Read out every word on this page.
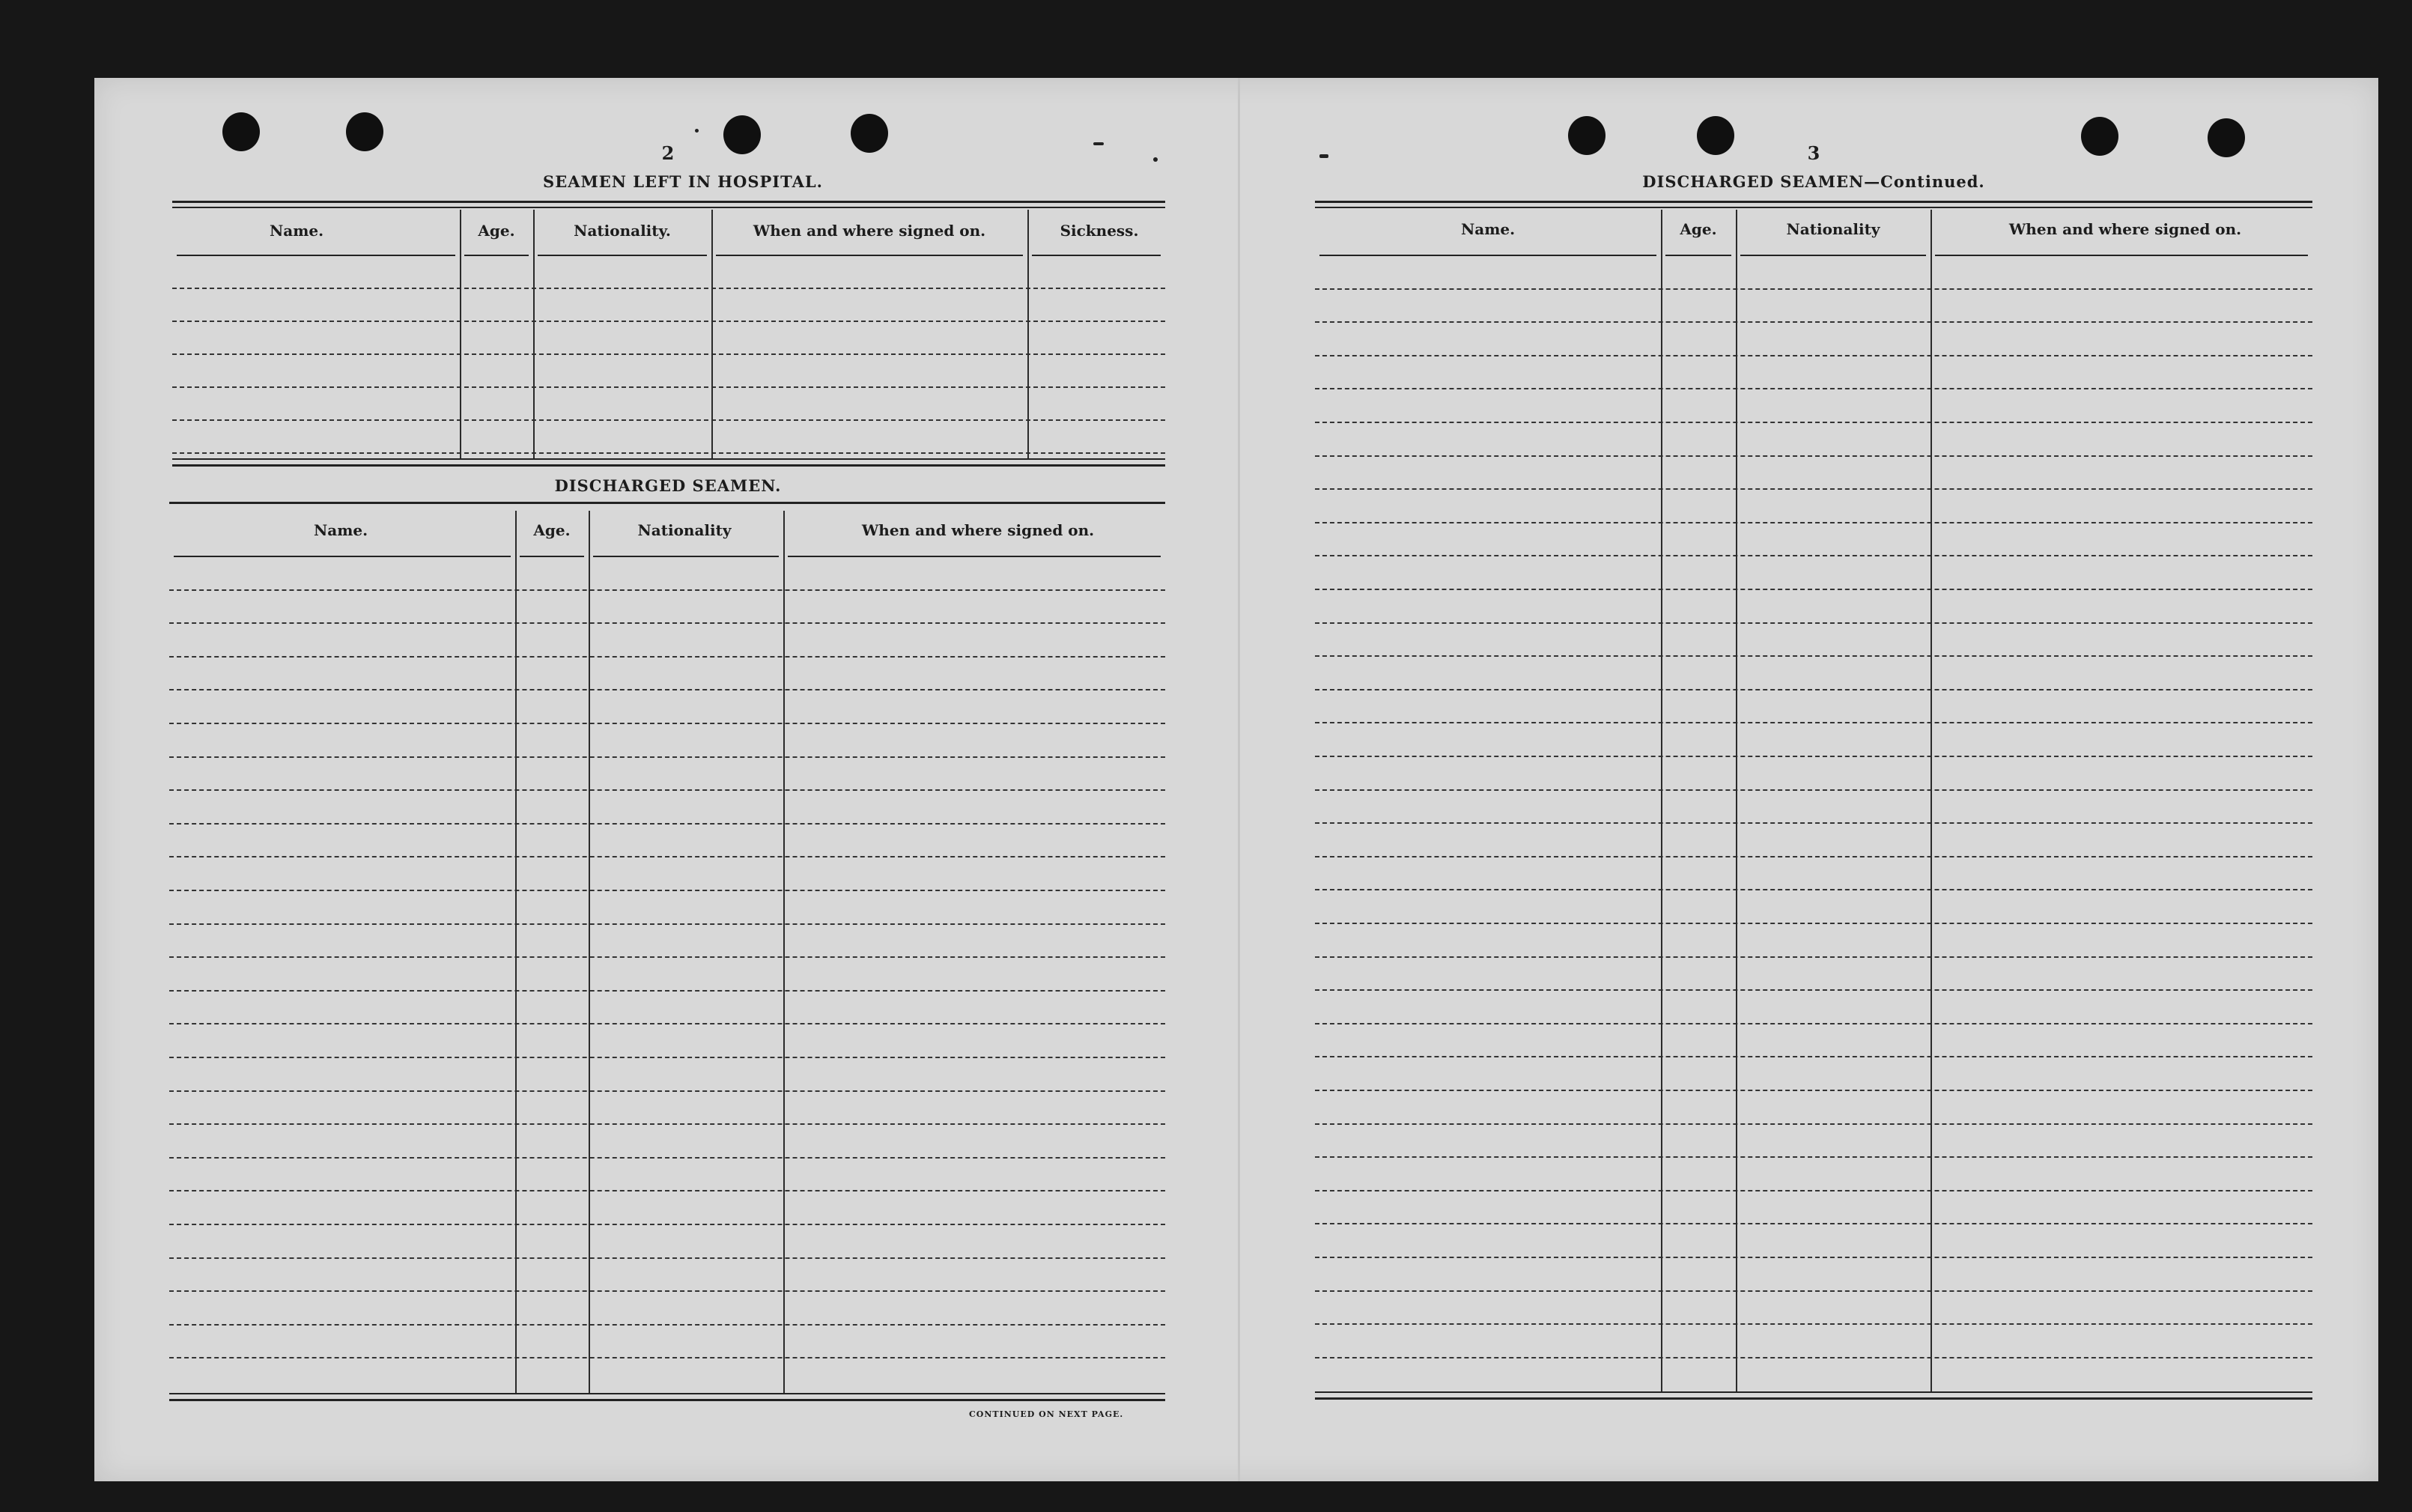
2
SEAMEN LEFT IN HOSPITAL.
DISCHARGED SEAMEN.
CONTINUED ON NEXT PAGE.
3
DISCHARGED SEAMEN—Continued.
Name.	Age.	Nationality.	When and where signed on.	Sickness.
Name.	Age.	Nationality	When and where signed on.
Name.	Age.	Nationality	When and where signed on.
